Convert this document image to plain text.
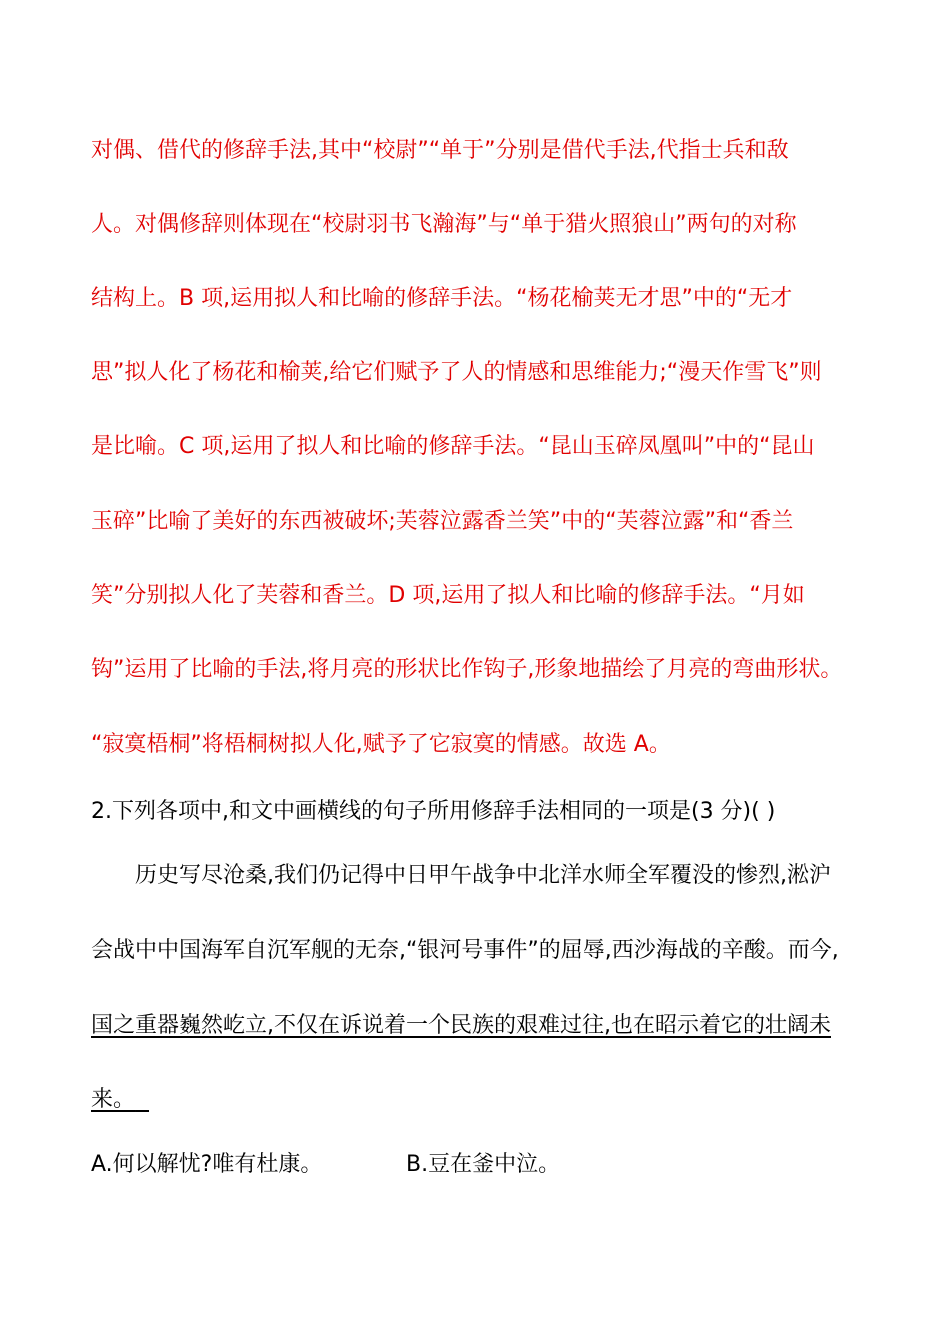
对偶、借代的修辞手法,其中“校尉”“单于”分别是借代手法,代指士兵和敌
人。对偶修辞则体现在“校尉羽书飞瀚海”与“单于猎火照狼山”两句的对称
结构上。B 项,运用拟人和比喻的修辞手法。“杨花榆荚无才思”中的“无才
思”拟人化了杨花和榆荚,给它们赋予了人的情感和思维能力;“漫天作雪飞”则
是比喻。C 项,运用了拟人和比喻的修辞手法。“昆山玉碎凤凰叫”中的“昆山
玉碎”比喻了美好的东西被破坏;芙蓉泣露香兰笑”中的“芙蓉泣露”和“香兰
笑”分别拟人化了芙蓉和香兰。D 项,运用了拟人和比喻的修辞手法。“月如
钩”运用了比喻的手法,将月亮的形状比作钩子,形象地描绘了月亮的弯曲形状。
“寂寞梧桐”将梧桐树拟人化,赋予了它寂寞的情感。故选 A。
2.下列各项中,和文中画横线的句子所用修辞手法相同的一项是(3 分)( )
历史写尽沧桑,我们仍记得中日甲午战争中北洋水师全军覆没的惨烈,淞沪
会战中中国海军自沉军舰的无奈,“银河号事件”的屈辱,西沙海战的辛酸。而今,
国之重器巍然屹立,不仅在诉说着一个民族的艰难过往,也在昭示着它的壮阔未
来。
A.何以解忧?唯有杜康。	B.豆在釜中泣。
